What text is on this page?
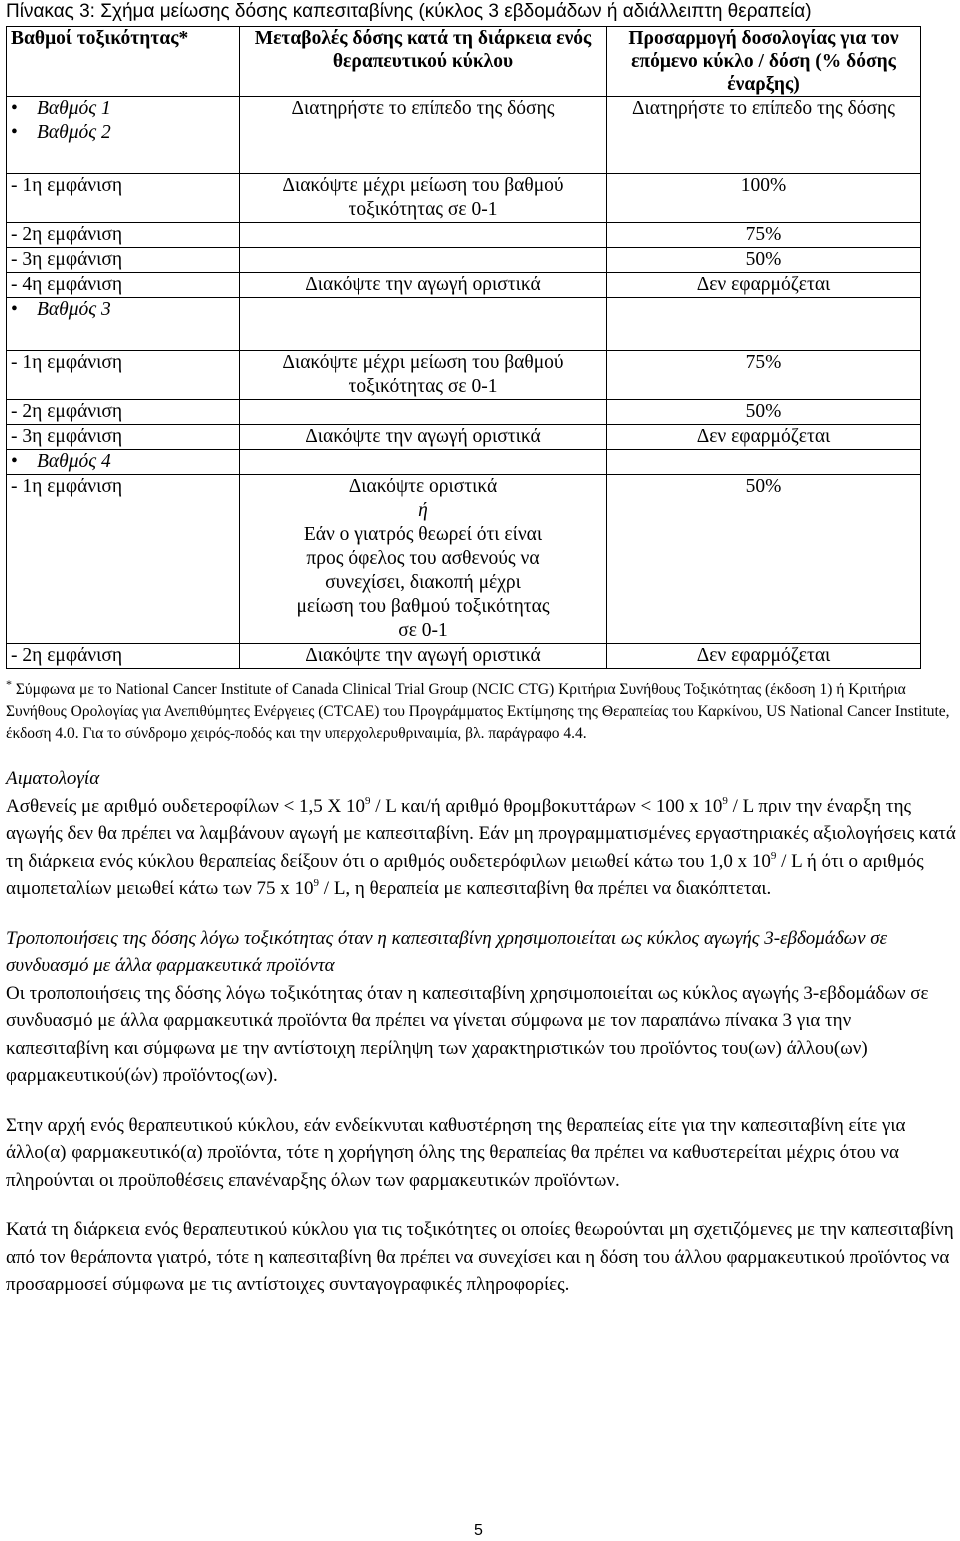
Πίνακας 3: Σχήμα μείωσης δόσης καπεσιταβίνης (κύκλος 3 εβδομάδων ή αδιάλλειπτη θεραπεία)
Βαθμοί τοξικότητας*	Μεταβολές δόσης κατά τη διάρκεια ενός θεραπευτικού κύκλου	Προσαρμογή δοσολογίας για τον επόμενο κύκλο / δόση (% δόσης έναρξης)
• Βαθμός 1	Διατηρήστε το επίπεδο της δόσης	Διατηρήστε το επίπεδο της δόσης
• Βαθμός 2		
- 1η εμφάνιση	Διακόψτε μέχρι μείωση του βαθμού τοξικότητας σε 0-1	100%
- 2η εμφάνιση		75%
- 3η εμφάνιση		50%
- 4η εμφάνιση	Διακόψτε την αγωγή οριστικά	Δεν εφαρμόζεται
• Βαθμός 3		
- 1η εμφάνιση	Διακόψτε μέχρι μείωση του βαθμού τοξικότητας σε 0-1	75%
- 2η εμφάνιση		50%
- 3η εμφάνιση	Διακόψτε την αγωγή οριστικά	Δεν εφαρμόζεται
• Βαθμός 4		
- 1η εμφάνιση	Διακόψτε οριστικά
ή
Εάν ο γιατρός θεωρεί ότι είναι προς όφελος του ασθενούς να συνεχίσει, διακοπή μέχρι μείωση του βαθμού τοξικότητας σε 0-1	50%
- 2η εμφάνιση	Διακόψτε την αγωγή οριστικά	Δεν εφαρμόζεται
* Σύμφωνα με το National Cancer Institute of Canada Clinical Trial Group (NCIC CTG) Κριτήρια Συνήθους Τοξικότητας (έκδοση 1) ή Κριτήρια Συνήθους Ορολογίας για Ανεπιθύμητες Ενέργειες (CTCAE) του Προγράμματος Εκτίμησης της Θεραπείας του Καρκίνου, US National Cancer Institute, έκδοση 4.0. Για το σύνδρομο χειρός-ποδός και την υπερχολερυθριναιμία, βλ. παράγραφο 4.4.
Αιματολογία
Ασθενείς με αριθμό ουδετεροφίλων < 1,5 X $10^9$ / L και/ή αριθμό θρομβοκυττάρων < 100 x $10^9$ / L πριν την έναρξη της αγωγής δεν θα πρέπει να λαμβάνουν αγωγή με καπεσιταβίνη. Εάν μη προγραμματισμένες εργαστηριακές αξιολογήσεις κατά τη διάρκεια ενός κύκλου θεραπείας δείξουν ότι ο αριθμός ουδετερόφιλων μειωθεί κάτω του 1,0 x $10^9$ / L ή ότι ο αριθμός αιμοπεταλίων μειωθεί κάτω των 75 x $10^9$ / L, η θεραπεία με καπεσιταβίνη θα πρέπει να διακόπτεται.
Τροποποιήσεις της δόσης λόγω τοξικότητας όταν η καπεσιταβίνη χρησιμοποιείται ως κύκλος αγωγής 3-εβδομάδων σε συνδυασμό με άλλα φαρμακευτικά προϊόντα
Οι τροποποιήσεις της δόσης λόγω τοξικότητας όταν η καπεσιταβίνη χρησιμοποιείται ως κύκλος αγωγής 3-εβδομάδων σε συνδυασμό με άλλα φαρμακευτικά προϊόντα θα πρέπει να γίνεται σύμφωνα με τον παραπάνω πίνακα 3 για την καπεσιταβίνη και σύμφωνα με την αντίστοιχη περίληψη των χαρακτηριστικών του προϊόντος του(ων) άλλου(ων) φαρμακευτικού(ών) προϊόντος(ων).
Στην αρχή ενός θεραπευτικού κύκλου, εάν ενδείκνυται καθυστέρηση της θεραπείας είτε για την καπεσιταβίνη είτε για άλλο(α) φαρμακευτικό(α) προϊόντα, τότε η χορήγηση όλης της θεραπείας θα πρέπει να καθυστερείται μέχρις ότου να πληρούνται οι προϋποθέσεις επανέναρξης όλων των φαρμακευτικών προϊόντων.
Κατά τη διάρκεια ενός θεραπευτικού κύκλου για τις τοξικότητες οι οποίες θεωρούνται μη σχετιζόμενες με την καπεσιταβίνη από τον θεράποντα γιατρό, τότε η καπεσιταβίνη θα πρέπει να συνεχίσει και η δόση του άλλου φαρμακευτικού προϊόντος να προσαρμοσεί σύμφωνα με τις αντίστοιχες συνταγογραφικές πληροφορίες.
5
